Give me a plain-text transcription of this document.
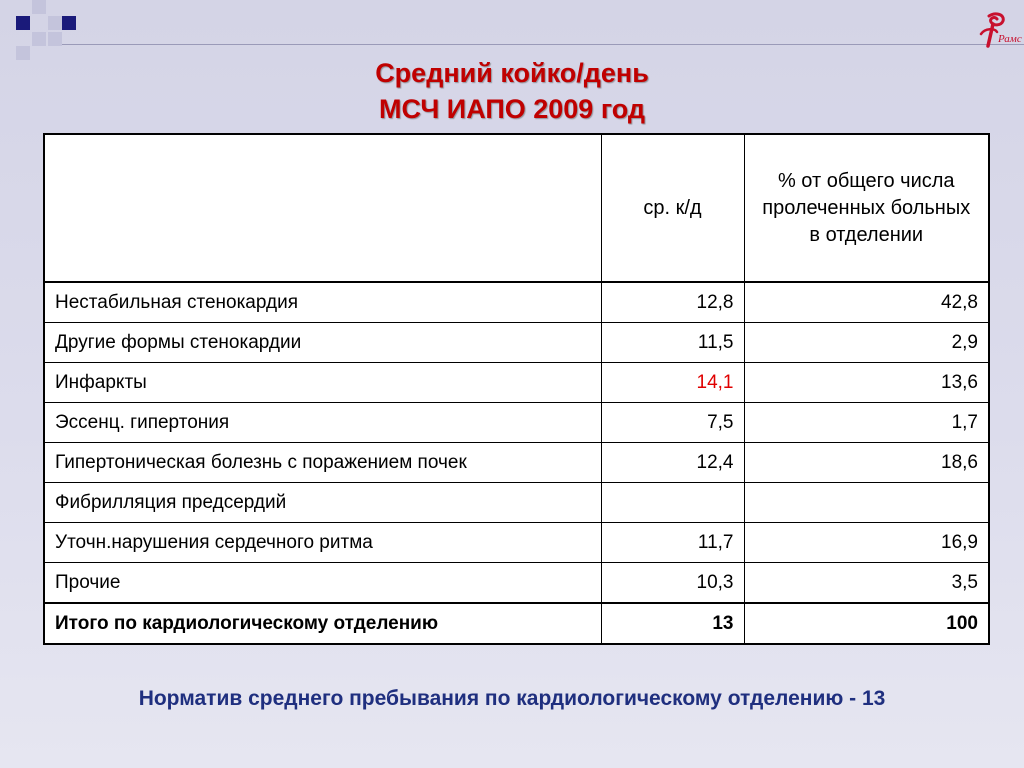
Рамс
Средний койко/день
МСЧ ИАПО 2009 год
	ср. к/д	% от общего числа пролеченных больных в отделении
Нестабильная стенокардия	12,8	42,8
Другие формы стенокардии	11,5	2,9
Инфаркты	14,1	13,6
Эссенц. гипертония	7,5	1,7
Гипертоническая болезнь с поражением почек	12,4	18,6
Фибрилляция предсердий		
Уточн.нарушения сердечного ритма	11,7	16,9
Прочие	10,3	3,5
Итого по кардиологическому отделению	13	100
Норматив среднего пребывания по кардиологическому отделению - 13
